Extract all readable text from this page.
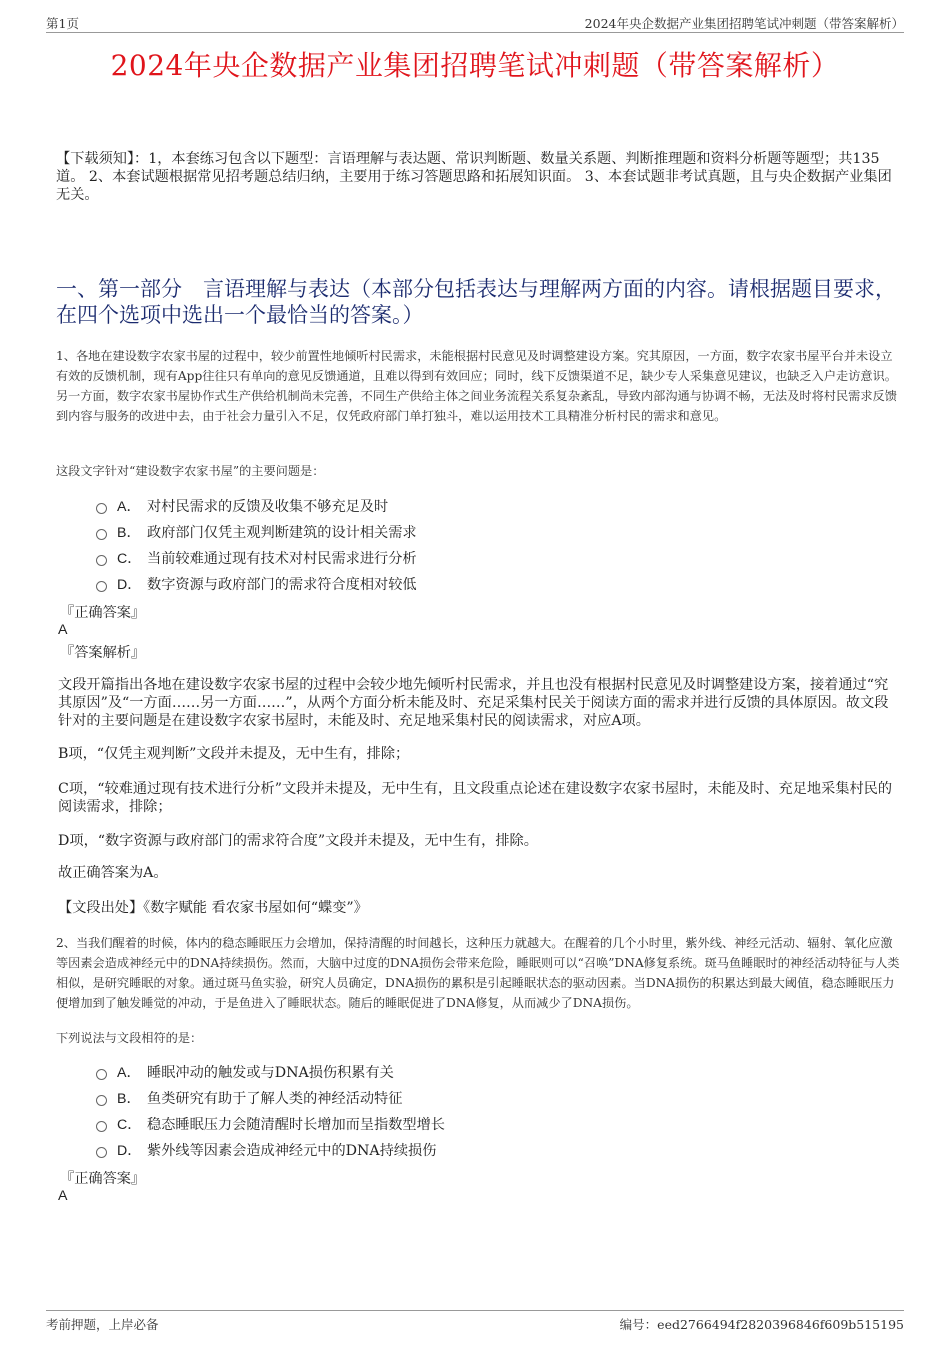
第1页	2024年央企数据产业集团招聘笔试冲刺题（带答案解析）
2024年央企数据产业集团招聘笔试冲刺题（带答案解析）
【下载须知】：1，本套练习包含以下题型：言语理解与表达题、常识判断题、数量关系题、判断推理题和资料分析题等题型；共135道。 2、本套试题根据常见招考题总结归纳，主要用于练习答题思路和拓展知识面。 3、本套试题非考试真题，且与央企数据产业集团无关。
一、第一部分　言语理解与表达（本部分包括表达与理解两方面的内容。请根据题目要求，在四个选项中选出一个最恰当的答案。）
1、各地在建设数字农家书屋的过程中，较少前置性地倾听村民需求，未能根据村民意见及时调整建设方案。究其原因，一方面，数字农家书屋平台并未设立有效的反馈机制，现有App往往只有单向的意见反馈通道，且难以得到有效回应；同时，线下反馈渠道不足，缺少专人采集意见建议，也缺乏入户走访意识。另一方面，数字农家书屋协作式生产供给机制尚未完善，不同生产供给主体之间业务流程关系复杂紊乱，导致内部沟通与协调不畅，无法及时将村民需求反馈到内容与服务的改进中去，由于社会力量引入不足，仅凭政府部门单打独斗，难以运用技术工具精准分析村民的需求和意见。
这段文字针对“建设数字农家书屋”的主要问题是：
A． 对村民需求的反馈及收集不够充足及时
B． 政府部门仅凭主观判断建筑的设计相关需求
C． 当前较难通过现有技术对村民需求进行分析
D． 数字资源与政府部门的需求符合度相对较低
『正确答案』
A
『答案解析』
文段开篇指出各地在建设数字农家书屋的过程中会较少地先倾听村民需求，并且也没有根据村民意见及时调整建设方案，接着通过“究其原因”及“一方面……另一方面……”，从两个方面分析未能及时、充足采集村民关于阅读方面的需求并进行反馈的具体原因。故文段针对的主要问题是在建设数字农家书屋时，未能及时、充足地采集村民的阅读需求，对应A项。
B项，“仅凭主观判断”文段并未提及，无中生有，排除；
C项，“较难通过现有技术进行分析”文段并未提及，无中生有，且文段重点论述在建设数字农家书屋时，未能及时、充足地采集村民的阅读需求，排除；
D项，“数字资源与政府部门的需求符合度”文段并未提及，无中生有，排除。
故正确答案为A。
【文段出处】《数字赋能 看农家书屋如何“蝶变”》
2、当我们醒着的时候，体内的稳态睡眠压力会增加，保持清醒的时间越长，这种压力就越大。在醒着的几个小时里，紫外线、神经元活动、辐射、氧化应激等因素会造成神经元中的DNA持续损伤。然而，大脑中过度的DNA损伤会带来危险，睡眠则可以“召唤”DNA修复系统。斑马鱼睡眠时的神经活动特征与人类相似，是研究睡眠的对象。通过斑马鱼实验，研究人员确定，DNA损伤的累积是引起睡眠状态的驱动因素。当DNA损伤的积累达到最大阈值，稳态睡眠压力便增加到了触发睡觉的冲动，于是鱼进入了睡眠状态。随后的睡眠促进了DNA修复，从而减少了DNA损伤。
下列说法与文段相符的是：
A． 睡眠冲动的触发或与DNA损伤积累有关
B． 鱼类研究有助于了解人类的神经活动特征
C． 稳态睡眠压力会随清醒时长增加而呈指数型增长
D． 紫外线等因素会造成神经元中的DNA持续损伤
『正确答案』
A
考前押题，上岸必备	编号：eed2766494f2820396846f609b515195
